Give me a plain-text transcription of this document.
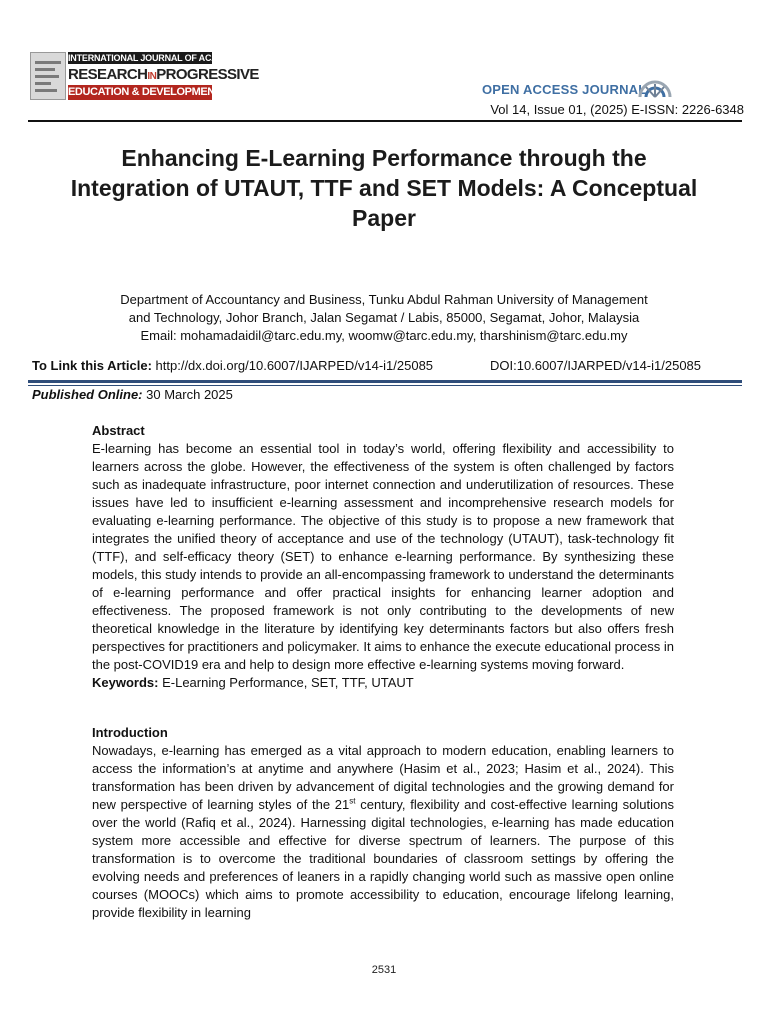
INTERNATIONAL JOURNAL OF ACADEMIC
RESEARCHINPROGRESSIVE
EDUCATION & DEVELOPMENT	OPEN ACCESS JOURNAL
Vol 14, Issue 01, (2025) E-ISSN: 2226-6348
Enhancing E-Learning Performance through the Integration of UTAUT, TTF and SET Models: A Conceptual Paper
Department of Accountancy and Business, Tunku Abdul Rahman University of Management
and Technology, Johor Branch, Jalan Segamat / Labis, 85000, Segamat, Johor, Malaysia
Email: mohamadaidil@tarc.edu.my, woomw@tarc.edu.my, tharshinism@tarc.edu.my
To Link this Article: http://dx.doi.org/10.6007/IJARPED/v14-i1/25085	DOI:10.6007/IJARPED/v14-i1/25085
Published Online: 30 March 2025

Abstract

E-learning has become an essential tool in today’s world, offering flexibility and accessibility to learners across the globe. However, the effectiveness of the system is often challenged by factors such as inadequate infrastructure, poor internet connection and underutilization of resources. These issues have led to insufficient e-learning assessment and incomprehensive research models for evaluating e-learning performance. The objective of this study is to propose a new framework that integrates the unified theory of acceptance and use of the technology (UTAUT), task-technology fit (TTF), and self-efficacy theory (SET) to enhance e-learning performance. By synthesizing these models, this study intends to provide an all-encompassing framework to understand the determinants of e-learning performance and offer practical insights for enhancing learner adoption and effectiveness. The proposed framework is not only contributing to the developments of new theoretical knowledge in the literature by identifying key determinants factors but also offers fresh perspectives for practitioners and policymaker. It aims to enhance the execute educational process in the post-COVID19 era and help to design more effective e-learning systems moving forward.

Keywords: E-Learning Performance, SET, TTF, UTAUT

Introduction

Nowadays, e-learning has emerged as a vital approach to modern education, enabling learners to access the information’s at anytime and anywhere (Hasim et al., 2023; Hasim et al., 2024). This transformation has been driven by advancement of digital technologies and the growing demand for new perspective of learning styles of the 21st century, flexibility and cost-effective learning solutions over the world (Rafiq et al., 2024). Harnessing digital technologies, e-learning has made education system more accessible and effective for diverse spectrum of learners. The purpose of this transformation is to overcome the traditional boundaries of classroom settings by offering the evolving needs and preferences of leaners in a rapidly changing world such as massive open online courses (MOOCs) which aims to promote accessibility to education, encourage lifelong learning, provide flexibility in learning

2531
